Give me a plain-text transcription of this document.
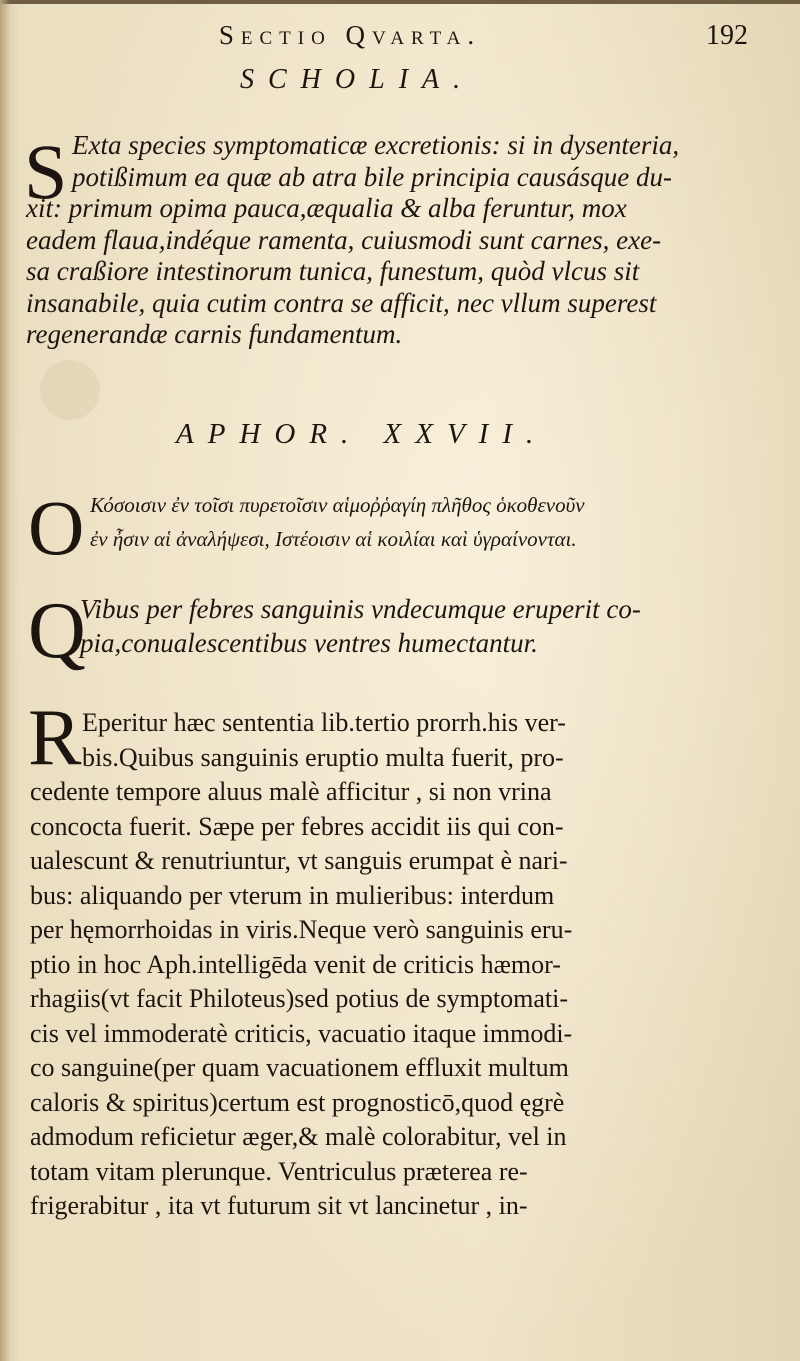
Sectio Qvarta.	192
SCHOLIA.
S Exta species symptomaticæ excretionis: si in dysenteria,
potißimum ea quæ ab atra bile principia causásque du-
xit: primum opima pauca,æqualia & alba feruntur, mox
eadem flaua,indéque ramenta, cuiusmodi sunt carnes, exe-
sa craßiore intestinorum tunica, funestum, quòd vlcus sit
insanabile, quia cutim contra se afficit, nec vllum superest
regenerandæ carnis fundamentum.
APHOR. XXVII.
O Κόσοισιν ἐν τοῖσι πυρετοῖσιν αἱμοῤῥαγίη πλῆθος ὁκοθενοῦν
ἐν ἦσιν αἱ ἀναλήψεσι, Ιστέοισιν αἱ κοιλίαι καὶ ὑγραίνονται.
Q
Vibus per febres sanguinis vndecumque eruperit co-
pia,conualescentibus ventres humectantur.
R Eperitur hæc sententia lib.tertio prorrh.his ver-
bis.Quibus sanguinis eruptio multa fuerit, pro-
cedente tempore aluus malè afficitur , si non vrina
concocta fuerit. Sæpe per febres accidit iis qui con-
ualescunt & renutriuntur, vt sanguis erumpat è nari-
bus: aliquando per vterum in mulieribus: interdum
per hęmorrhoidas in viris.Neque verò sanguinis eru-
ptio in hoc Aph.intelligēda venit de criticis hæmor-
rhagiis(vt facit Philoteus)sed potius de symptomati-
cis vel immoderatè criticis, vacuatio itaque immodi-
co sanguine(per quam vacuationem effluxit multum
caloris & spiritus)certum est prognosticō,quod ęgrè
admodum reficietur æger,& malè colorabitur, vel in
totam vitam plerunque. Ventriculus præterea re-
frigerabitur , ita vt futurum sit vt lancinetur , in-
